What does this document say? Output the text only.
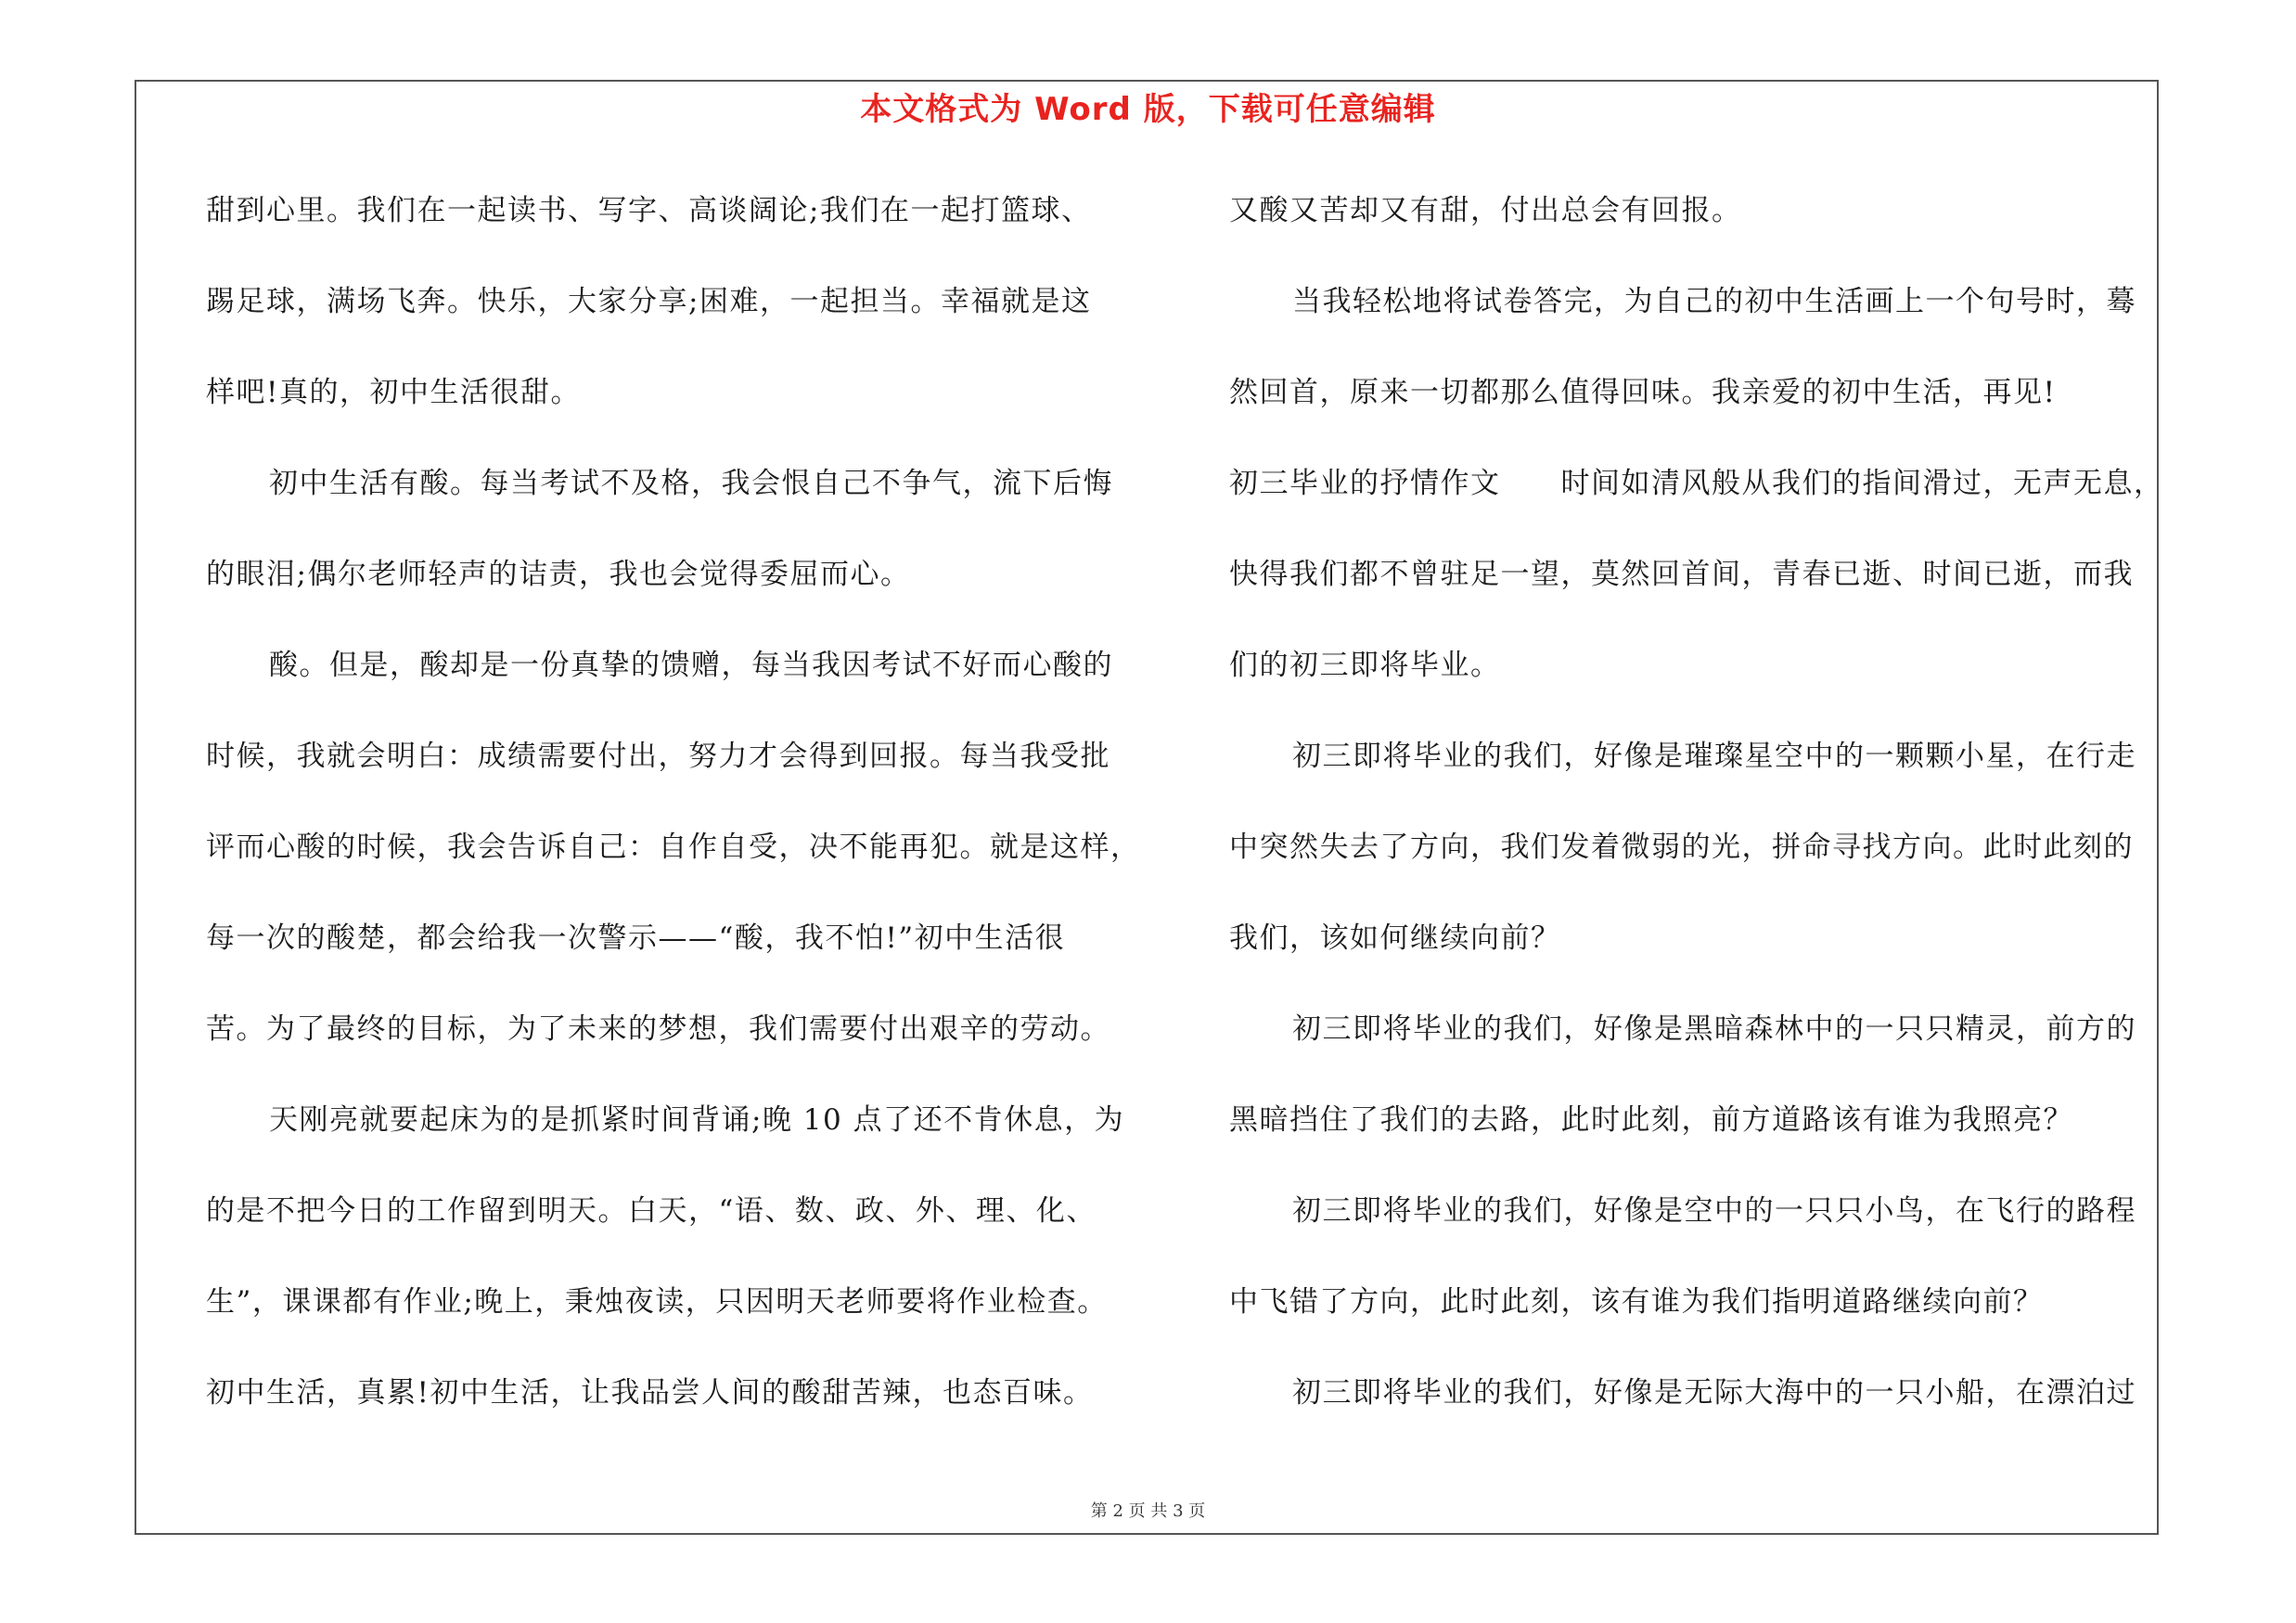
本文格式为 Word 版，下载可任意编辑
甜到心里。我们在一起读书、写字、高谈阔论;我们在一起打篮球、
踢足球，满场飞奔。快乐，大家分享;困难，一起担当。幸福就是这
样吧!真的，初中生活很甜。
初中生活有酸。每当考试不及格，我会恨自己不争气，流下后悔
的眼泪;偶尔老师轻声的诘责，我也会觉得委屈而心。
酸。但是，酸却是一份真挚的馈赠，每当我因考试不好而心酸的
时候，我就会明白：成绩需要付出，努力才会得到回报。每当我受批
评而心酸的时候，我会告诉自己：自作自受，决不能再犯。就是这样，
每一次的酸楚，都会给我一次警示——“酸，我不怕!”初中生活很
苦。为了最终的目标，为了未来的梦想，我们需要付出艰辛的劳动。
天刚亮就要起床为的是抓紧时间背诵;晚 10 点了还不肯休息，为
的是不把今日的工作留到明天。白天，“语、数、政、外、理、化、
生”，课课都有作业;晚上，秉烛夜读，只因明天老师要将作业检查。
初中生活，真累!初中生活，让我品尝人间的酸甜苦辣，也态百味。
又酸又苦却又有甜，付出总会有回报。
当我轻松地将试卷答完，为自己的初中生活画上一个句号时，蓦
然回首，原来一切都那么值得回味。我亲爱的初中生活，再见!
初三毕业的抒情作文　　时间如清风般从我们的指间滑过，无声无息，
快得我们都不曾驻足一望，莫然回首间，青春已逝、时间已逝，而我
们的初三即将毕业。
初三即将毕业的我们，好像是璀璨星空中的一颗颗小星，在行走
中突然失去了方向，我们发着微弱的光，拼命寻找方向。此时此刻的
我们，该如何继续向前？
初三即将毕业的我们，好像是黑暗森林中的一只只精灵，前方的
黑暗挡住了我们的去路，此时此刻，前方道路该有谁为我照亮？
初三即将毕业的我们，好像是空中的一只只小鸟，在飞行的路程
中飞错了方向，此时此刻，该有谁为我们指明道路继续向前？
初三即将毕业的我们，好像是无际大海中的一只小船，在漂泊过
第 2 页 共 3 页
